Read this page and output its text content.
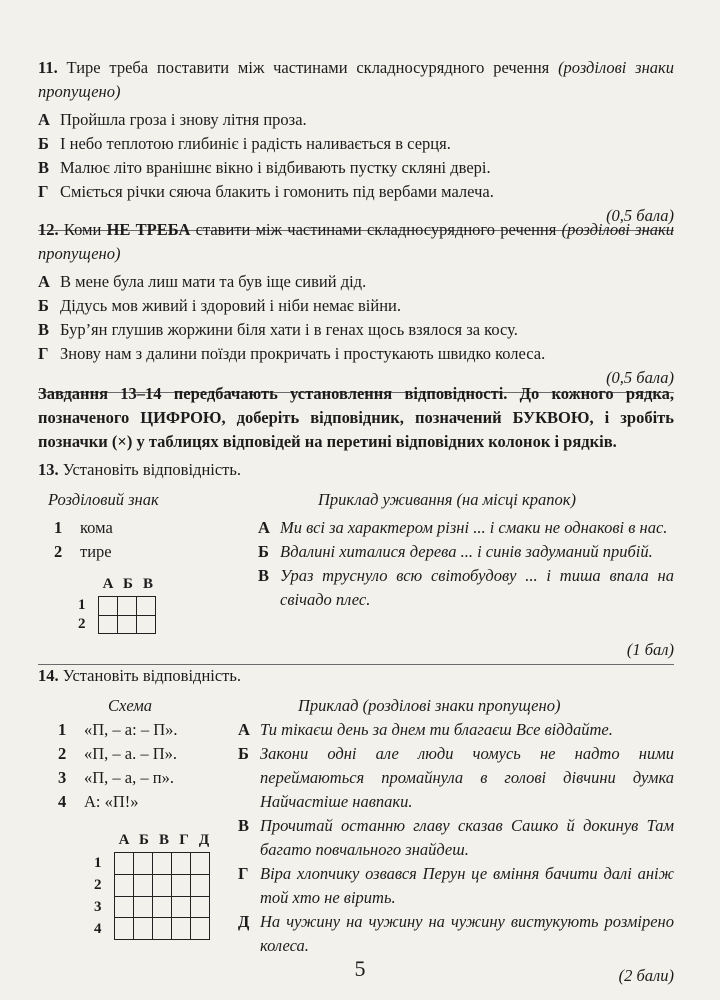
11. Тире треба поставити між частинами складносурядного речення (розділові знаки пропущено)
А Пройшла гроза і знову літня проза.
Б І небо теплотою глибиніє і радість наливається в серця.
В Малює літо вранішнє вікно і відбивають пустку скляні двері.
Г Сміється річки сяюча блакить і гомонить під вербами малеча.
(0,5 бала)
12. Коми НЕ ТРЕБА ставити між частинами складносурядного речення (розділові знаки пропущено)
А В мене була лиш мати та був іще сивий дід.
Б Дідусь мов живий і здоровий і ніби немає війни.
В Бур’ян глушив жоржини біля хати і в генах щось взялося за косу.
Г Знову нам з далини поїзди прокричать і простукають швидко колеса.
(0,5 бала)
Завдання 13–14 передбачають установлення відповідності. До кожного рядка, позначеного ЦИФРОЮ, доберіть відповідник, позначений БУКВОЮ, і зробіть позначки (×) у таблицях відповідей на перетині відповідних колонок і рядків.
13. Установіть відповідність.
Розділовий знак
1	кома
2	тире
А Б В
1
2

Приклад уживання (на місці крапок)
А Ми всі за характером різні ... і смаки не однакові в нас.
Б Вдалині хиталися дерева ... і синів задуманий прибій.
В Ураз труснуло всю світобудову ... і тиша впала на свічадо плес.
(1 бал)
14. Установіть відповідність.
Схема
1	«П, – а: – П».
2	«П, – а. – П».
3	«П, – а, – п».
4	А: «П!»
А Б В Г Д
1
2
3
4

Приклад (розділові знаки пропущено)
А Ти тікаєш день за днем ти благаєш Все віддайте.
Б Закони одні але люди чомусь не надто ними переймаються промайнула в голові дівчини думка Найчастіше навпаки.
В Прочитай останню главу сказав Сашко й докинув Там багато повчального знайдеш.
Г Віра хлопчику озвався Перун це вміння бачити далі аніж той хто не вірить.
Д На чужину на чужину на чужину вистукують розмірено колеса.
(2 бали)
5
